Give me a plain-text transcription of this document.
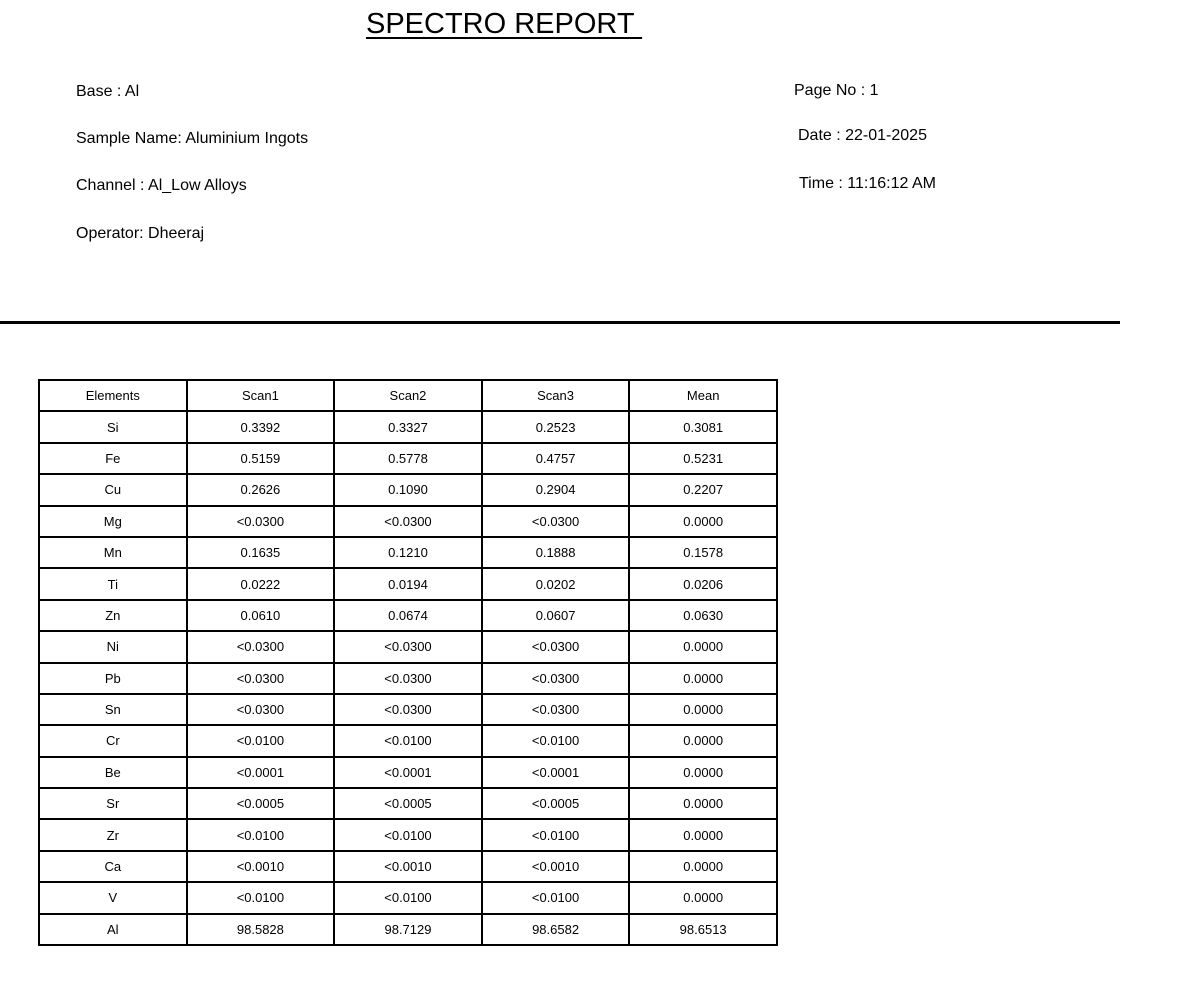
SPECTRO REPORT
Base : Al
Sample Name: Aluminium Ingots
Channel : Al_Low Alloys
Operator: Dheeraj
Page No : 1
Date : 22-01-2025
Time : 11:16:12 AM
Elements	Scan1	Scan2	Scan3	Mean
Si	0.3392	0.3327	0.2523	0.3081
Fe	0.5159	0.5778	0.4757	0.5231
Cu	0.2626	0.1090	0.2904	0.2207
Mg	<0.0300	<0.0300	<0.0300	0.0000
Mn	0.1635	0.1210	0.1888	0.1578
Ti	0.0222	0.0194	0.0202	0.0206
Zn	0.0610	0.0674	0.0607	0.0630
Ni	<0.0300	<0.0300	<0.0300	0.0000
Pb	<0.0300	<0.0300	<0.0300	0.0000
Sn	<0.0300	<0.0300	<0.0300	0.0000
Cr	<0.0100	<0.0100	<0.0100	0.0000
Be	<0.0001	<0.0001	<0.0001	0.0000
Sr	<0.0005	<0.0005	<0.0005	0.0000
Zr	<0.0100	<0.0100	<0.0100	0.0000
Ca	<0.0010	<0.0010	<0.0010	0.0000
V	<0.0100	<0.0100	<0.0100	0.0000
Al	98.5828	98.7129	98.6582	98.6513
